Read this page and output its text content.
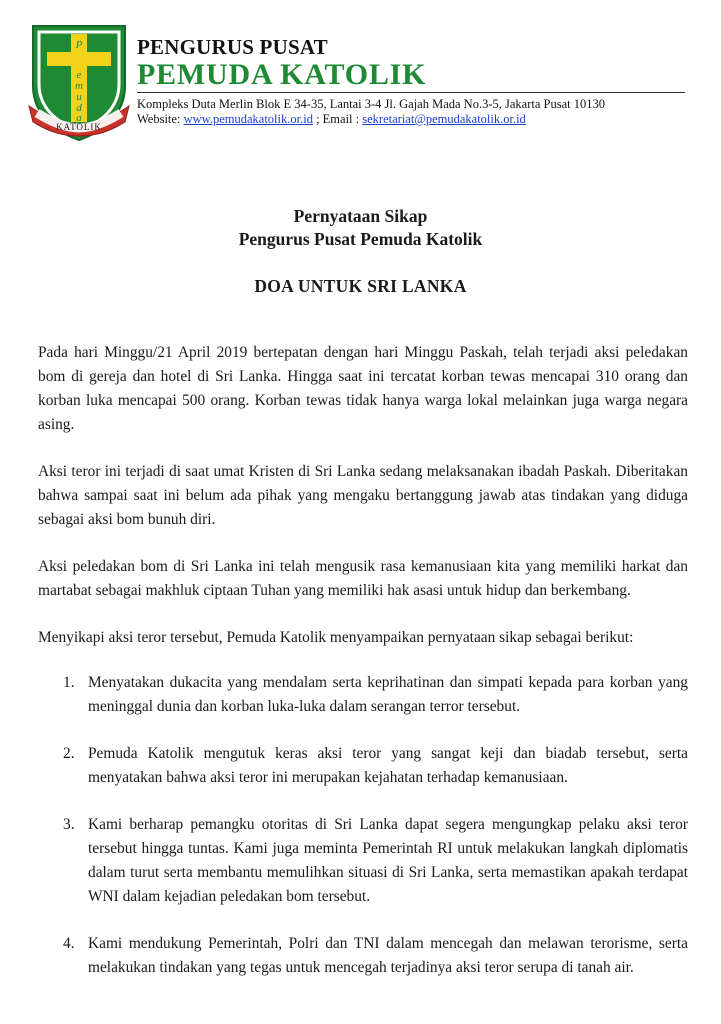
P
e
m
u
d
a
KATOLIK
PENGURUS PUSAT
PEMUDA KATOLIK
Kompleks Duta Merlin Blok E 34-35, Lantai 3-4 Jl. Gajah Mada No.3-5, Jakarta Pusat 10130
Website: www.pemudakatolik.or.id ; Email : sekretariat@pemudakatolik.or.id
Pernyataan Sikap
Pengurus Pusat Pemuda Katolik
DOA UNTUK SRI LANKA

Pada hari Minggu/21 April 2019 bertepatan dengan hari Minggu Paskah, telah terjadi aksi peledakan bom di gereja dan hotel di Sri Lanka. Hingga saat ini tercatat korban tewas mencapai 310 orang dan korban luka mencapai 500 orang. Korban tewas tidak hanya warga lokal melainkan juga warga negara asing.

Aksi teror ini terjadi di saat umat Kristen di Sri Lanka sedang melaksanakan ibadah Paskah. Diberitakan bahwa sampai saat ini belum ada pihak yang mengaku bertanggung jawab atas tindakan yang diduga sebagai aksi bom bunuh diri.

Aksi peledakan bom di Sri Lanka ini telah mengusik rasa kemanusiaan kita yang memiliki harkat dan martabat sebagai makhluk ciptaan Tuhan yang memiliki hak asasi untuk hidup dan berkembang.

Menyikapi aksi teror tersebut, Pemuda Katolik menyampaikan pernyataan sikap sebagai berikut:

1. Menyatakan dukacita yang mendalam serta keprihatinan dan simpati kepada para korban yang meninggal dunia dan korban luka-luka dalam serangan terror tersebut.
2. Pemuda Katolik mengutuk keras aksi teror yang sangat keji dan biadab tersebut, serta menyatakan bahwa aksi teror ini merupakan kejahatan terhadap kemanusiaan.
3. Kami berharap pemangku otoritas di Sri Lanka dapat segera mengungkap pelaku aksi teror tersebut hingga tuntas. Kami juga meminta Pemerintah RI untuk melakukan langkah diplomatis dalam turut serta membantu memulihkan situasi di Sri Lanka, serta memastikan apakah terdapat WNI dalam kejadian peledakan bom tersebut.
4. Kami mendukung Pemerintah, Polri dan TNI dalam mencegah dan melawan terorisme, serta melakukan tindakan yang tegas untuk mencegah terjadinya aksi teror serupa di tanah air.
